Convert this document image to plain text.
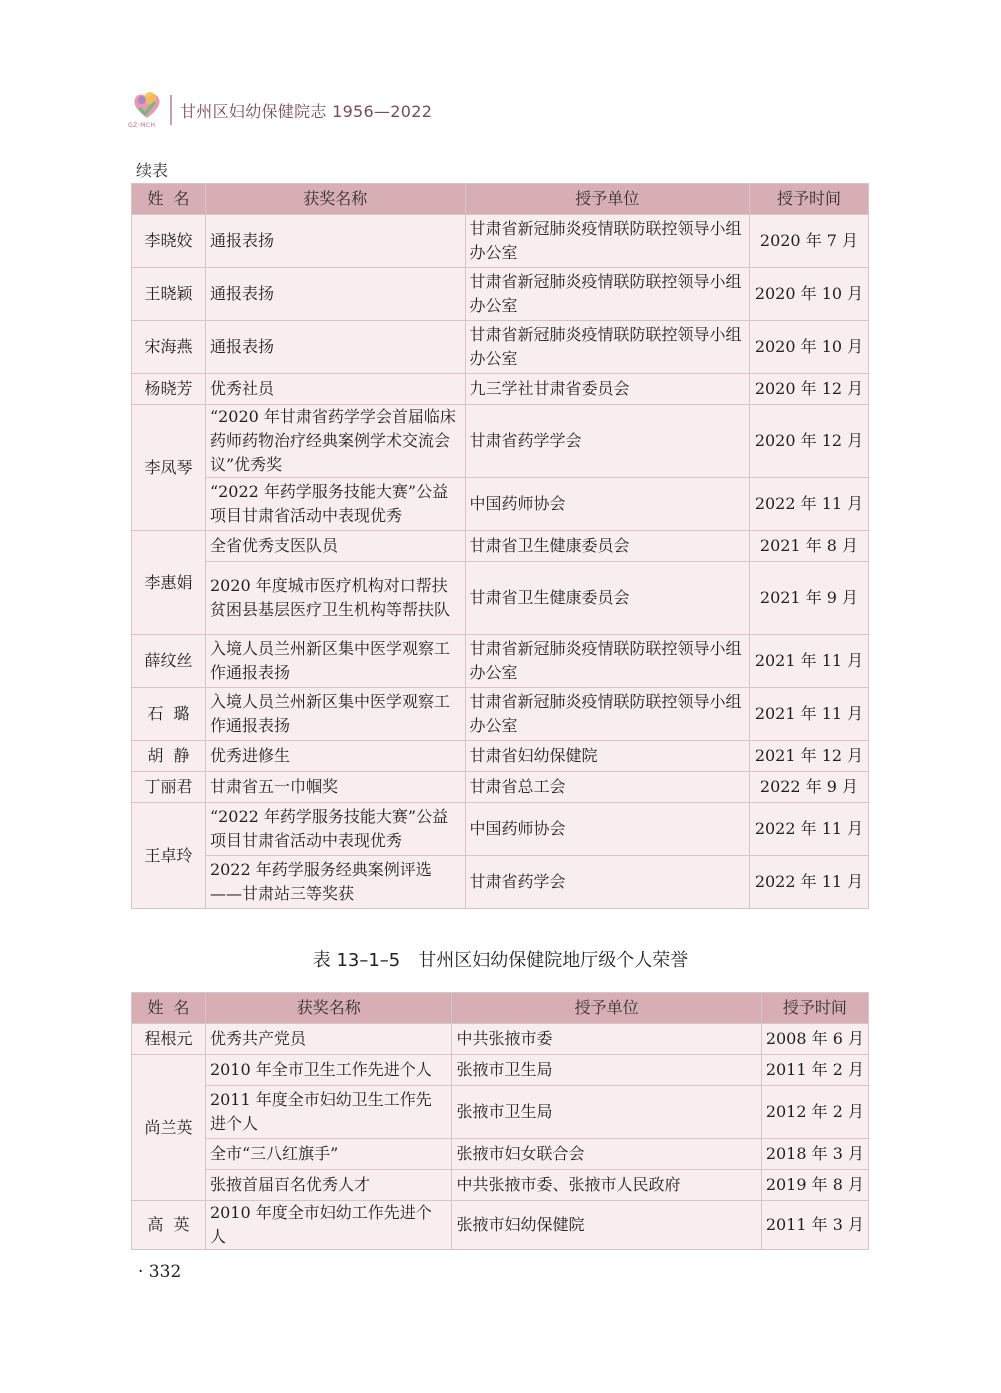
GZ·MCH
甘州区妇幼保健院志 1956—2022
续表
姓  名	获奖名称	授予单位	授予时间
李晓姣	通报表扬	甘肃省新冠肺炎疫情联防联控领导小组办公室	2020 年 7 月
王晓颖	通报表扬	甘肃省新冠肺炎疫情联防联控领导小组办公室	2020 年 10 月
宋海燕	通报表扬	甘肃省新冠肺炎疫情联防联控领导小组办公室	2020 年 10 月
杨晓芳	优秀社员	九三学社甘肃省委员会	2020 年 12 月
李凤琴	“2020 年甘肃省药学学会首届临床药师药物治疗经典案例学术交流会议”优秀奖	甘肃省药学学会	2020 年 12 月
	“2022 年药学服务技能大赛”公益项目甘肃省活动中表现优秀	中国药师协会	2022 年 11 月
李惠娟	全省优秀支医队员	甘肃省卫生健康委员会	2021 年 8 月
	2020 年度城市医疗机构对口帮扶贫困县基层医疗卫生机构等帮扶队	甘肃省卫生健康委员会	2021 年 9 月
薛纹丝	入境人员兰州新区集中医学观察工作通报表扬	甘肃省新冠肺炎疫情联防联控领导小组办公室	2021 年 11 月
石  璐	入境人员兰州新区集中医学观察工作通报表扬	甘肃省新冠肺炎疫情联防联控领导小组办公室	2021 年 11 月
胡  静	优秀进修生	甘肃省妇幼保健院	2021 年 12 月
丁丽君	甘肃省五一巾帼奖	甘肃省总工会	2022 年 9 月
王卓玲	“2022 年药学服务技能大赛”公益项目甘肃省活动中表现优秀	中国药师协会	2022 年 11 月
	2022 年药学服务经典案例评选——甘肃站三等奖获	甘肃省药学会	2022 年 11 月
表 13–1–5　甘州区妇幼保健院地厅级个人荣誉
姓  名	获奖名称	授予单位	授予时间
程根元	优秀共产党员	中共张掖市委	2008 年 6 月
尚兰英	2010 年全市卫生工作先进个人	张掖市卫生局	2011 年 2 月
	2011 年度全市妇幼卫生工作先进个人	张掖市卫生局	2012 年 2 月
	全市“三八红旗手”	张掖市妇女联合会	2018 年 3 月
	张掖首届百名优秀人才	中共张掖市委、张掖市人民政府	2019 年 8 月
高  英	2010 年度全市妇幼工作先进个人	张掖市妇幼保健院	2011 年 3 月
· 332
